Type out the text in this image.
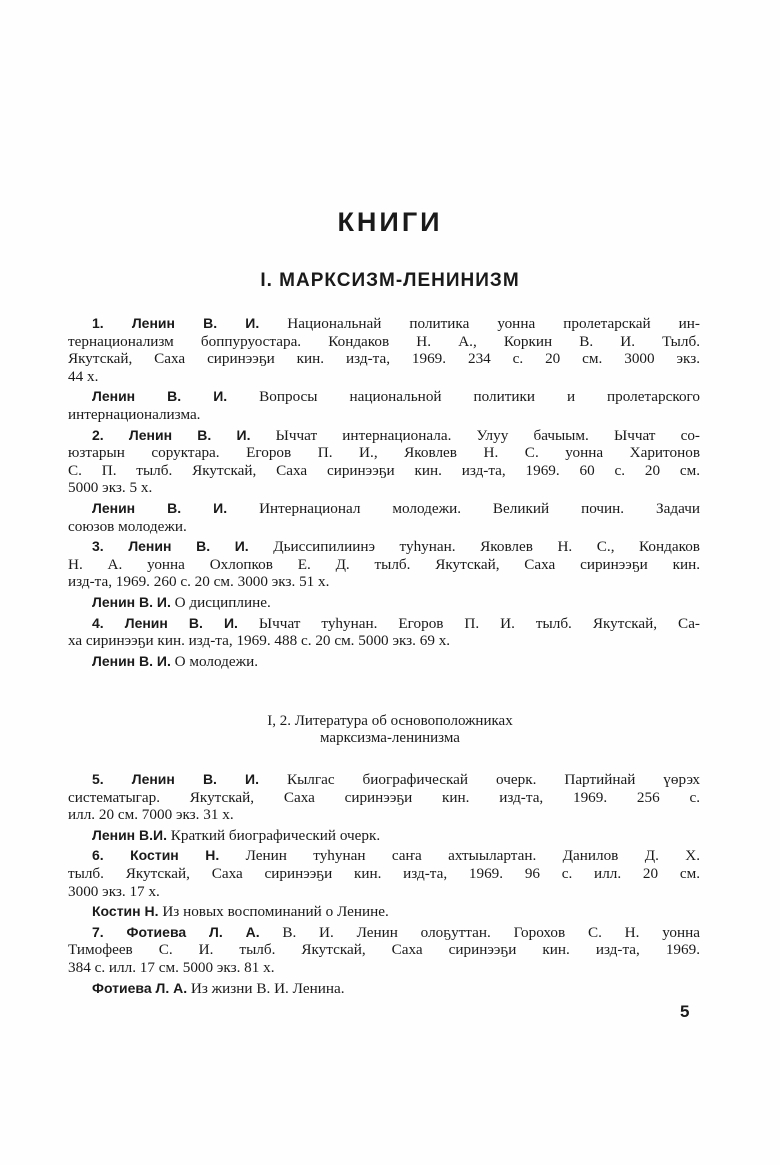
КНИГИ
I. МАРКСИЗМ-ЛЕНИНИЗМ
1. Ленин В. И. Национальнай политика уонна пролетарскай ин-
тернационализм боппуруостара. Кондаков Н. А., Коркин В. И. Тылб.
Якутскай, Саха сиринээҕи кин. изд-та, 1969. 234 с. 20 см. 3000 экз.
44 х.
Ленин В. И. Вопросы национальной политики и пролетарского
интернационализма.
2. Ленин В. И. Ыччат интернационала. Улуу бачыым. Ыччат со-
юзтарын соруктара. Егоров П. И., Яковлев Н. С. уонна Харитонов
С. П. тылб. Якутскай, Саха сиринээҕи кин. изд-та, 1969. 60 с. 20 см.
5000 экз. 5 х.
Ленин В. И. Интернационал молодежи. Великий почин. Задачи
союзов молодежи.
3. Ленин В. И. Дьиссипилиинэ туһунан. Яковлев Н. С., Кондаков
Н. А. уонна Охлопков Е. Д. тылб. Якутскай, Саха сиринээҕи кин.
изд-та, 1969. 260 с. 20 см. 3000 экз. 51 х.
Ленин В. И. О дисциплине.
4. Ленин В. И. Ыччат туһунан. Егоров П. И. тылб. Якутскай, Са-
ха сиринээҕи кин. изд-та, 1969. 488 с. 20 см. 5000 экз. 69 х.
Ленин В. И. О молодежи.
I, 2. Литература об основоположниках
марксизма-ленинизма
5. Ленин В. И. Кылгас биографическай очерк. Партийнай үөрэх
систематыгар. Якутскай, Саха сиринээҕи кин. изд-та, 1969. 256 с.
илл. 20 см. 7000 экз. 31 х.
Ленин В.И. Краткий биографический очерк.
6. Костин Н. Ленин туһунан саҥа ахтыылартан. Данилов Д. Х.
тылб. Якутскай, Саха сиринээҕи кин. изд-та, 1969. 96 с. илл. 20 см.
3000 экз. 17 х.
Костин Н. Из новых воспоминаний о Ленине.
7. Фотиева Л. А. В. И. Ленин олоҕуттан. Горохов С. Н. уонна
Тимофеев С. И. тылб. Якутскай, Саха сиринээҕи кин. изд-та, 1969.
384 с. илл. 17 см. 5000 экз. 81 х.
Фотиева Л. А. Из жизни В. И. Ленина.
5
